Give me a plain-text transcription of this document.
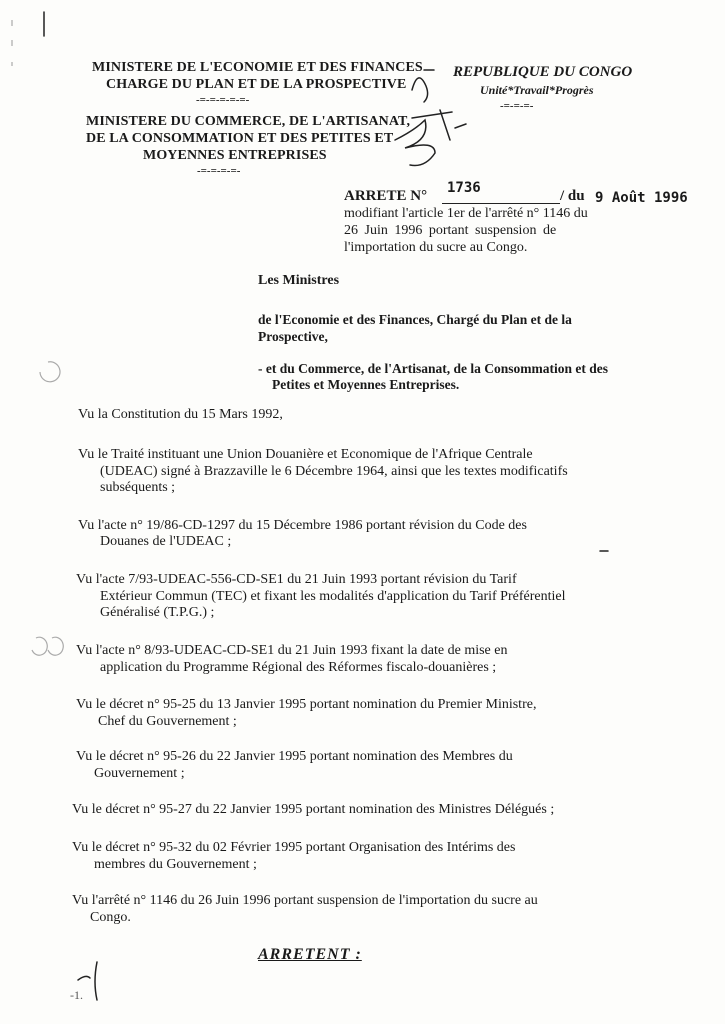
MINISTERE DE L'ECONOMIE ET DES FINANCES
CHARGE DU PLAN ET DE LA PROSPECTIVE
-=-=-=-=-=-
MINISTERE DU COMMERCE, DE L'ARTISANAT,
DE LA CONSOMMATION ET DES PETITES ET
MOYENNES ENTREPRISES
-=-=-=-=-
REPUBLIQUE DU CONGO
Unité*Travail*Progrès
-=-=-=-
ARRETE N° 1736	/ du 9 Août 1996
modifiant l'article 1er de l'arrêté n° 1146 du
26 Juin 1996 portant suspension de
l'importation du sucre au Congo.
Les Ministres
de l'Economie et des Finances, Chargé du Plan et de la
Prospective,
- et du Commerce, de l'Artisanat, de la Consommation et des
Petites et Moyennes Entreprises.
Vu la Constitution du 15 Mars 1992,
Vu le Traité instituant une Union Douanière et Economique de l'Afrique Centrale
(UDEAC) signé à Brazzaville le 6 Décembre 1964, ainsi que les textes modificatifs
subséquents ;
Vu l'acte n° 19/86-CD-1297 du 15 Décembre 1986 portant révision du Code des
Douanes de l'UDEAC ;
Vu l'acte 7/93-UDEAC-556-CD-SE1 du 21 Juin 1993 portant révision du Tarif
Extérieur Commun (TEC) et fixant les modalités d'application du Tarif Préférentiel
Généralisé (T.P.G.) ;
Vu l'acte n° 8/93-UDEAC-CD-SE1 du 21 Juin 1993 fixant la date de mise en
application du Programme Régional des Réformes fiscalo-douanières ;
Vu le décret n° 95-25 du 13 Janvier 1995 portant nomination du Premier Ministre,
Chef du Gouvernement ;
Vu le décret n° 95-26 du 22 Janvier 1995 portant nomination des Membres du
Gouvernement ;
Vu le décret n° 95-27 du 22 Janvier 1995 portant nomination des Ministres Délégués ;
Vu le décret n° 95-32 du 02 Février 1995 portant Organisation des Intérims des
membres du Gouvernement ;
Vu l'arrêté n° 1146 du 26 Juin 1996 portant suspension de l'importation du sucre au
Congo.
ARRETENT :
-1.
